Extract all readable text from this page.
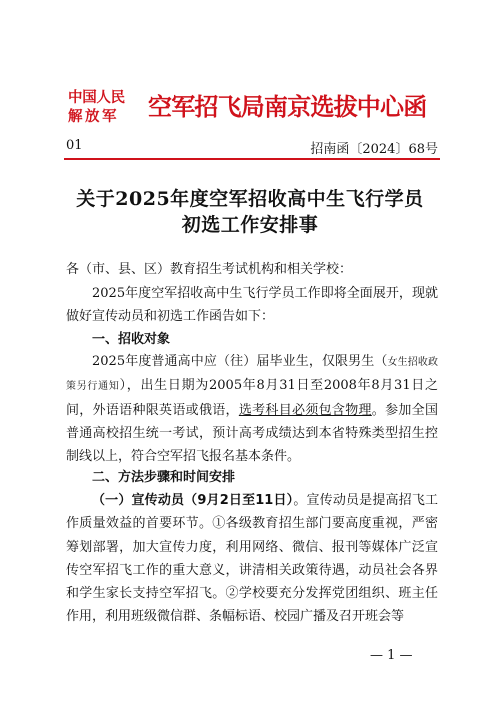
中国人民
解放军	空军招飞局南京选拔中心函
01	招南函〔2024〕68号
关于2025年度空军招收高中生飞行学员
初选工作安排事
各（市、县、区）教育招生考试机构和相关学校：
2025年度空军招收高中生飞行学员工作即将全面展开，现就做好宣传动员和初选工作函告如下：
一、招收对象
2025年度普通高中应（往）届毕业生，仅限男生（女生招收政策另行通知），出生日期为2005年8月31日至2008年8月31日之间，外语语种限英语或俄语，选考科目必须包含物理。参加全国普通高校招生统一考试，预计高考成绩达到本省特殊类型招生控制线以上，符合空军招飞报名基本条件。
二、方法步骤和时间安排
（一）宣传动员（9月2日至11日）。宣传动员是提高招飞工作质量效益的首要环节。①各级教育招生部门要高度重视，严密筹划部署，加大宣传力度，利用网络、微信、报刊等媒体广泛宣传空军招飞工作的重大意义，讲清相关政策待遇，动员社会各界和学生家长支持空军招飞。②学校要充分发挥党团组织、班主任作用，利用班级微信群、条幅标语、校园广播及召开班会等
— 1 —
